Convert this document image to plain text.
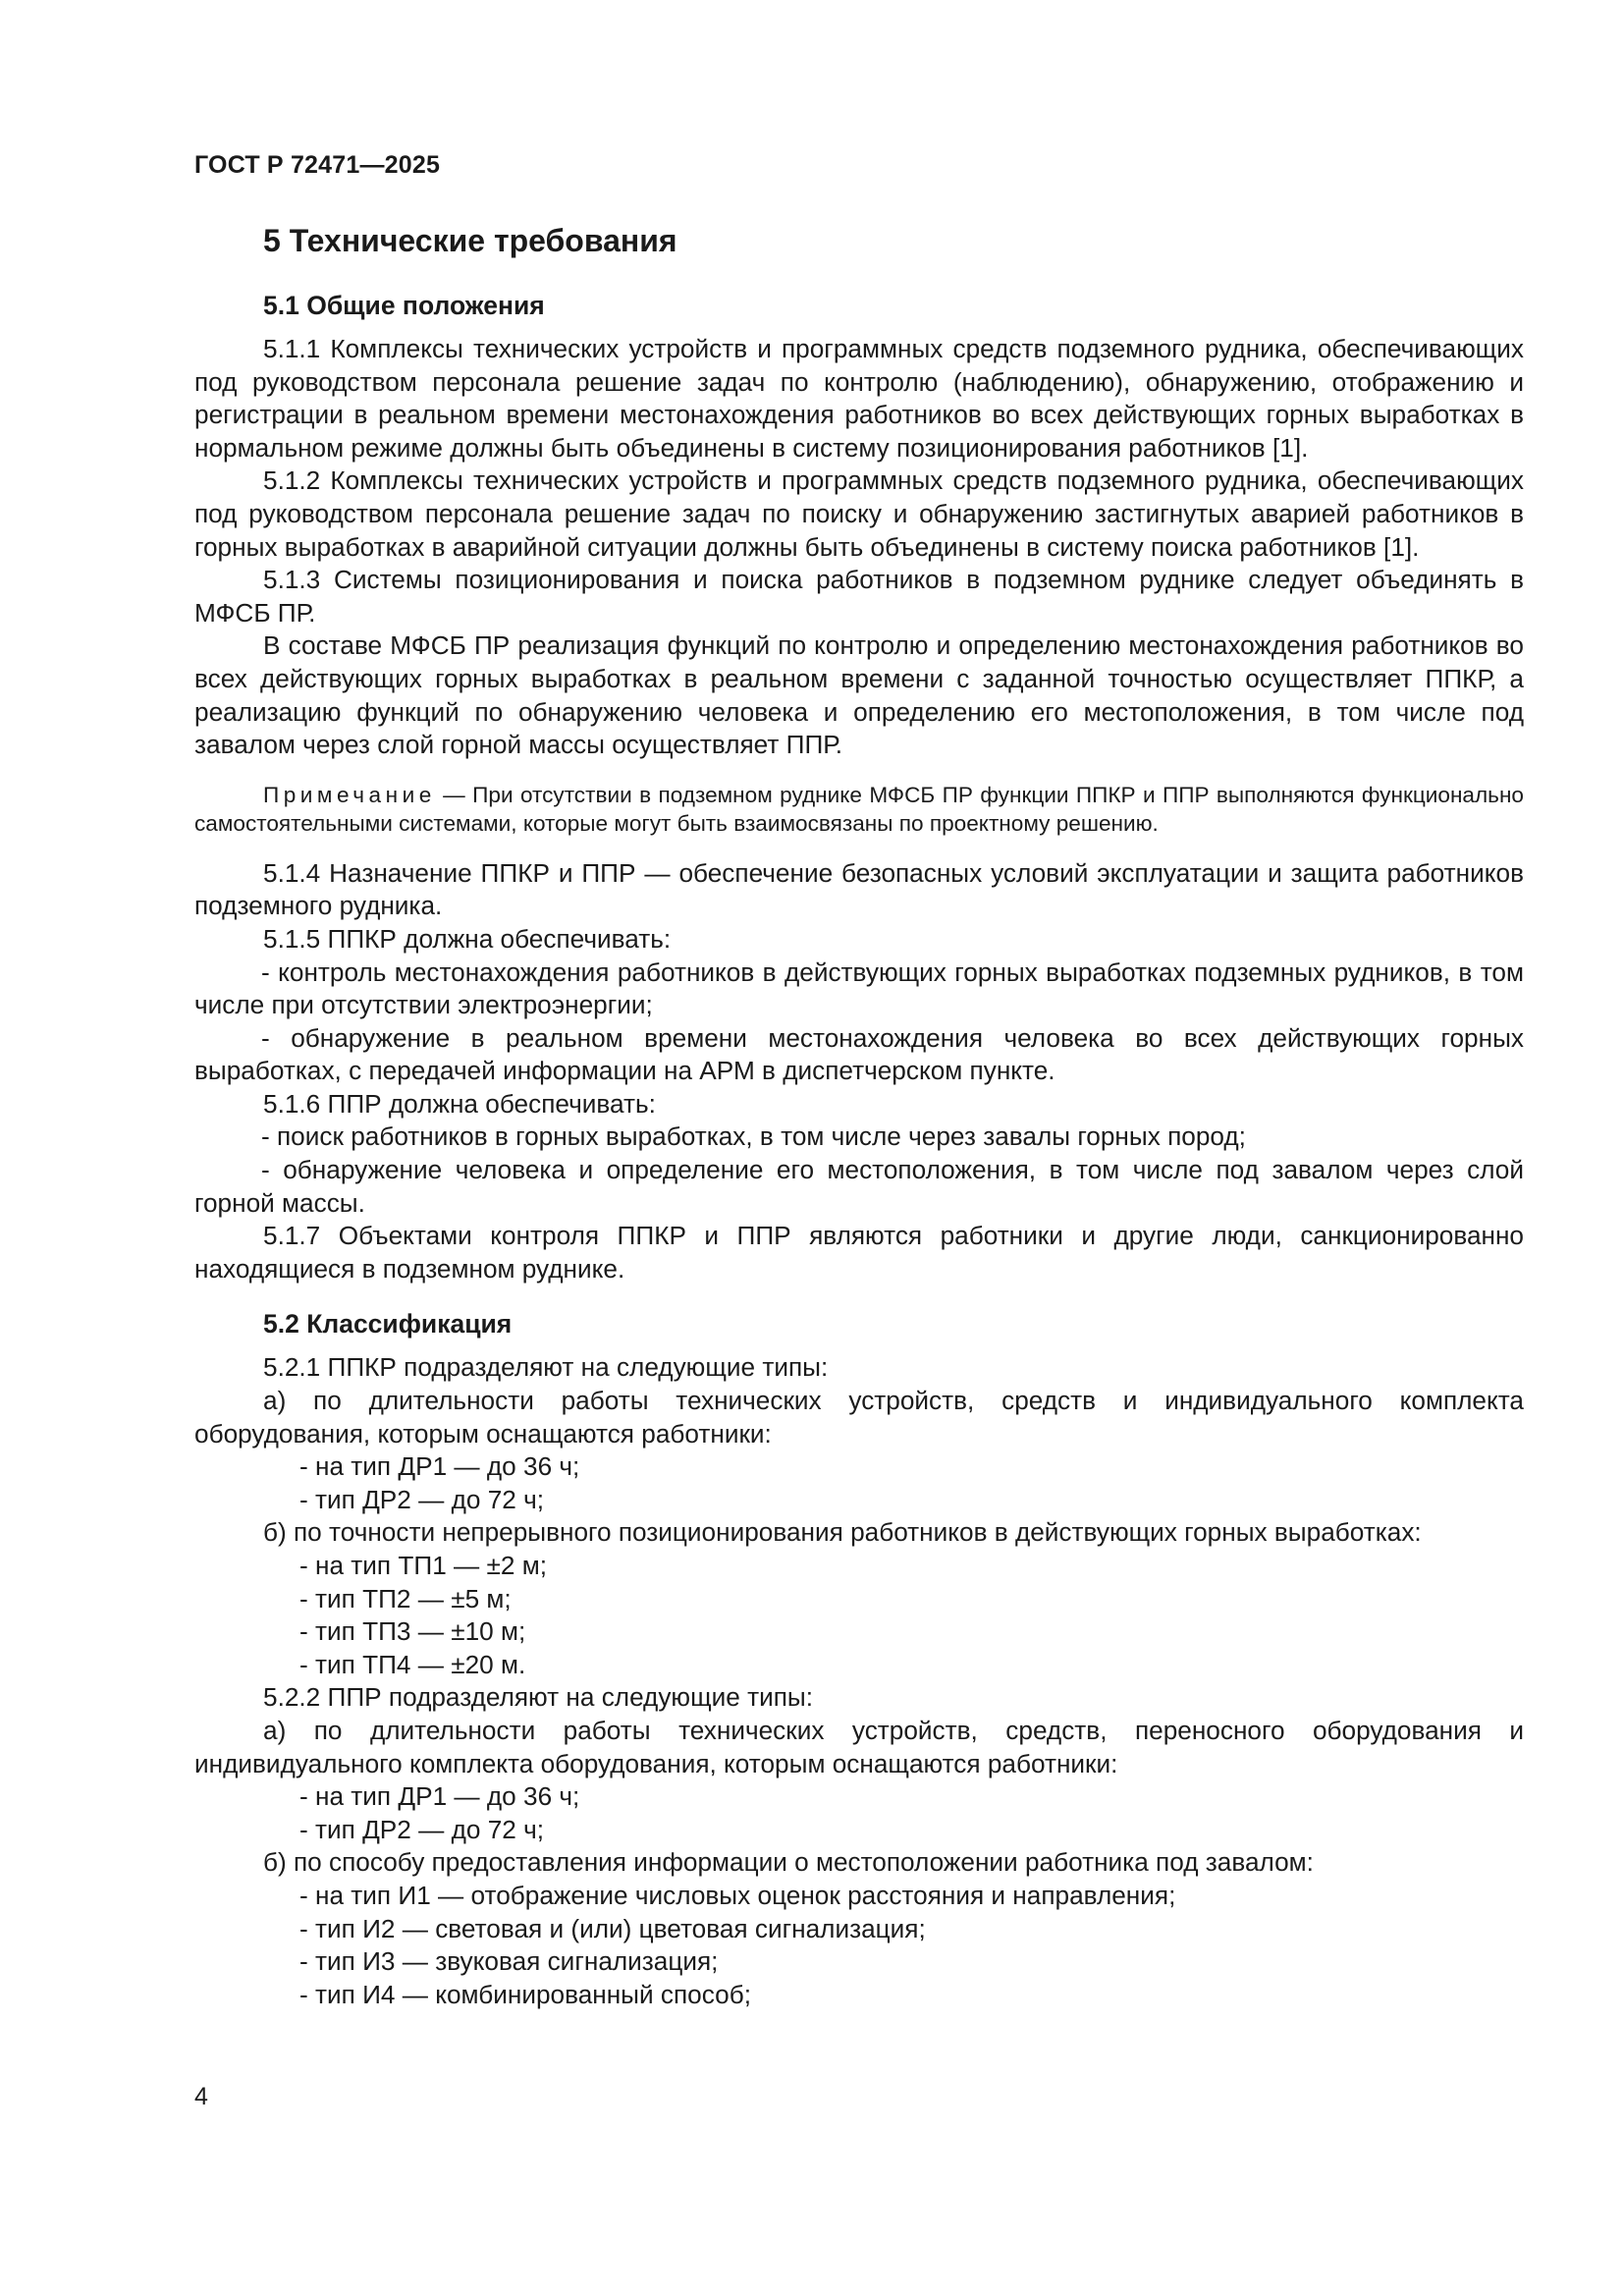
ГОСТ Р 72471—2025
5 Технические требования
5.1 Общие положения

5.1.1 Комплексы технических устройств и программных средств подземного рудника, обеспечивающих под руководством персонала решение задач по контролю (наблюдению), обнаружению, отображению и регистрации в реальном времени местонахождения работников во всех действующих горных выработках в нормальном режиме должны быть объединены в систему позиционирования работников [1].

5.1.2 Комплексы технических устройств и программных средств подземного рудника, обеспечивающих под руководством персонала решение задач по поиску и обнаружению застигнутых аварией работников в горных выработках в аварийной ситуации должны быть объединены в систему поиска работников [1].

5.1.3 Системы позиционирования и поиска работников в подземном руднике следует объединять в МФСБ ПР.

В составе МФСБ ПР реализация функций по контролю и определению местонахождения работников во всех действующих горных выработках в реальном времени с заданной точностью осуществляет ППКР, а реализацию функций по обнаружению человека и определению его местоположения, в том числе под завалом через слой горной массы осуществляет ППР.

Примечание — При отсутствии в подземном руднике МФСБ ПР функции ППКР и ППР выполняются функционально самостоятельными системами, которые могут быть взаимосвязаны по проектному решению.

5.1.4 Назначение ППКР и ППР — обеспечение безопасных условий эксплуатации и защита работников подземного рудника.

5.1.5 ППКР должна обеспечивать:

- контроль местонахождения работников в действующих горных выработках подземных рудников, в том числе при отсутствии электроэнергии;

- обнаружение в реальном времени местонахождения человека во всех действующих горных выработках, с передачей информации на АРМ в диспетчерском пункте.

5.1.6 ППР должна обеспечивать:

- поиск работников в горных выработках, в том числе через завалы горных пород;

- обнаружение человека и определение его местоположения, в том числе под завалом через слой горной массы.

5.1.7 Объектами контроля ППКР и ППР являются работники и другие люди, санкционированно находящиеся в подземном руднике.

5.2 Классификация

5.2.1 ППКР подразделяют на следующие типы:

а) по длительности работы технических устройств, средств и индивидуального комплекта оборудования, которым оснащаются работники:

- на тип ДР1 — до 36 ч;

- тип ДР2 — до 72 ч;

б) по точности непрерывного позиционирования работников в действующих горных выработках:

- на тип ТП1 — ±2 м;

- тип ТП2 — ±5 м;

- тип ТП3 — ±10 м;

- тип ТП4 — ±20 м.

5.2.2 ППР подразделяют на следующие типы:

а) по длительности работы технических устройств, средств, переносного оборудования и индивидуального комплекта оборудования, которым оснащаются работники:

- на тип ДР1 — до 36 ч;

- тип ДР2 — до 72 ч;

б) по способу предоставления информации о местоположении работника под завалом:

- на тип И1 — отображение числовых оценок расстояния и направления;

- тип И2 — световая и (или) цветовая сигнализация;

- тип И3 — звуковая сигнализация;

- тип И4 — комбинированный способ;

4
